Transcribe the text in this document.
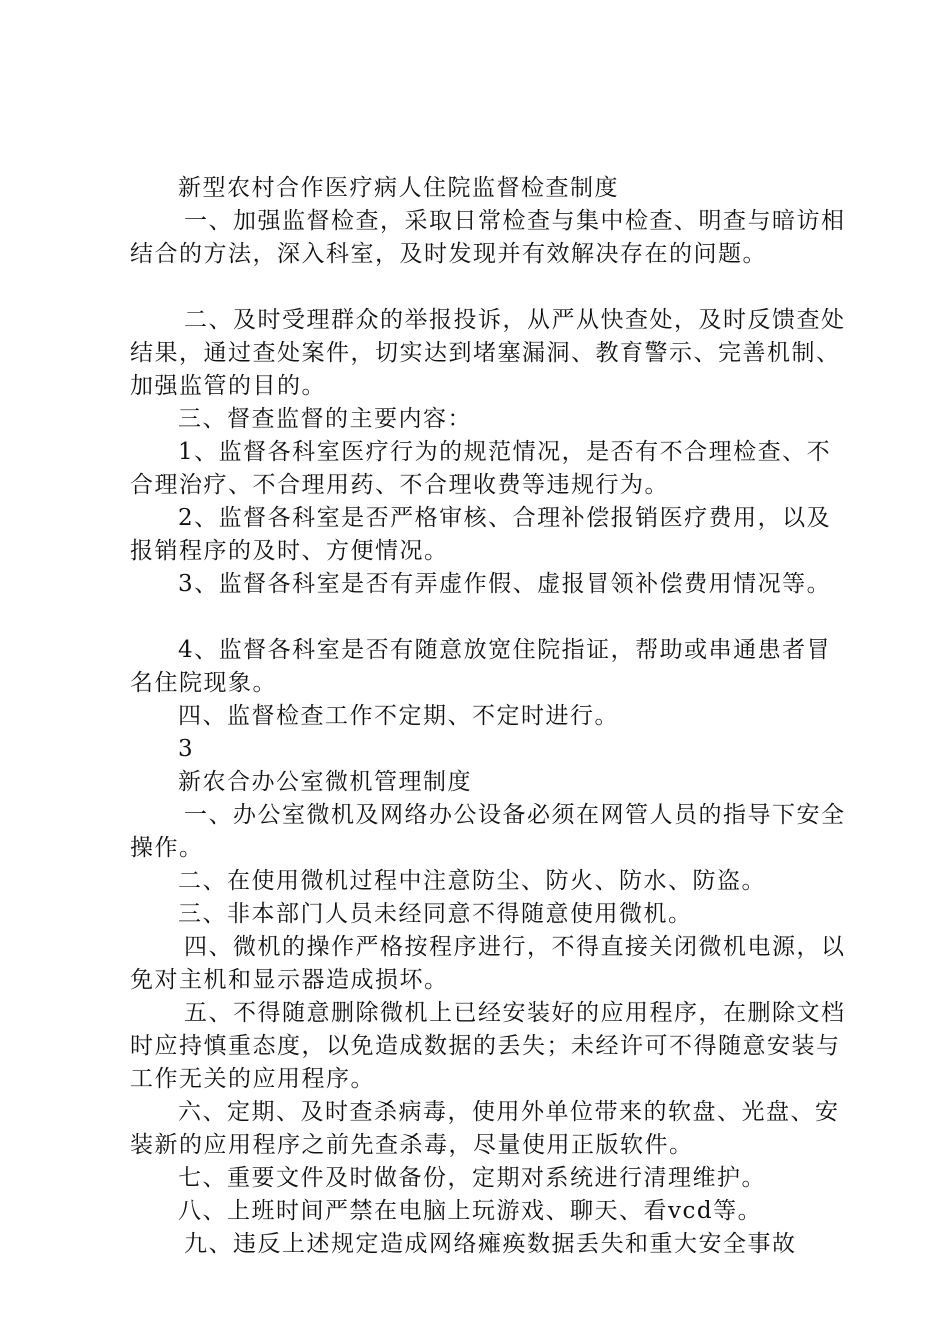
新型农村合作医疗病人住院监督检查制度

一、加强监督检查，采取日常检查与集中检查、明查与暗访相结合的方法，深入科室，及时发现并有效解决存在的问题。

二、及时受理群众的举报投诉，从严从快查处，及时反馈查处结果，通过查处案件，切实达到堵塞漏洞、教育警示、完善机制、加强监管的目的。

三、督查监督的主要内容：

1、监督各科室医疗行为的规范情况，是否有不合理检查、不合理治疗、不合理用药、不合理收费等违规行为。

2、监督各科室是否严格审核、合理补偿报销医疗费用，以及报销程序的及时、方便情况。

3、监督各科室是否有弄虚作假、虚报冒领补偿费用情况等。

4、监督各科室是否有随意放宽住院指证，帮助或串通患者冒名住院现象。

四、监督检查工作不定期、不定时进行。

3

新农合办公室微机管理制度

一、办公室微机及网络办公设备必须在网管人员的指导下安全操作。

二、在使用微机过程中注意防尘、防火、防水、防盗。

三、非本部门人员未经同意不得随意使用微机。

四、微机的操作严格按程序进行，不得直接关闭微机电源，以免对主机和显示器造成损坏。

五、不得随意删除微机上已经安装好的应用程序，在删除文档时应持慎重态度，以免造成数据的丢失；未经许可不得随意安装与工作无关的应用程序。

六、定期、及时查杀病毒，使用外单位带来的软盘、光盘、安装新的应用程序之前先查杀毒，尽量使用正版软件。

七、重要文件及时做备份，定期对系统进行清理维护。

八、上班时间严禁在电脑上玩游戏、聊天、看vcd等。

九、违反上述规定造成网络瘫痪数据丢失和重大安全事故
